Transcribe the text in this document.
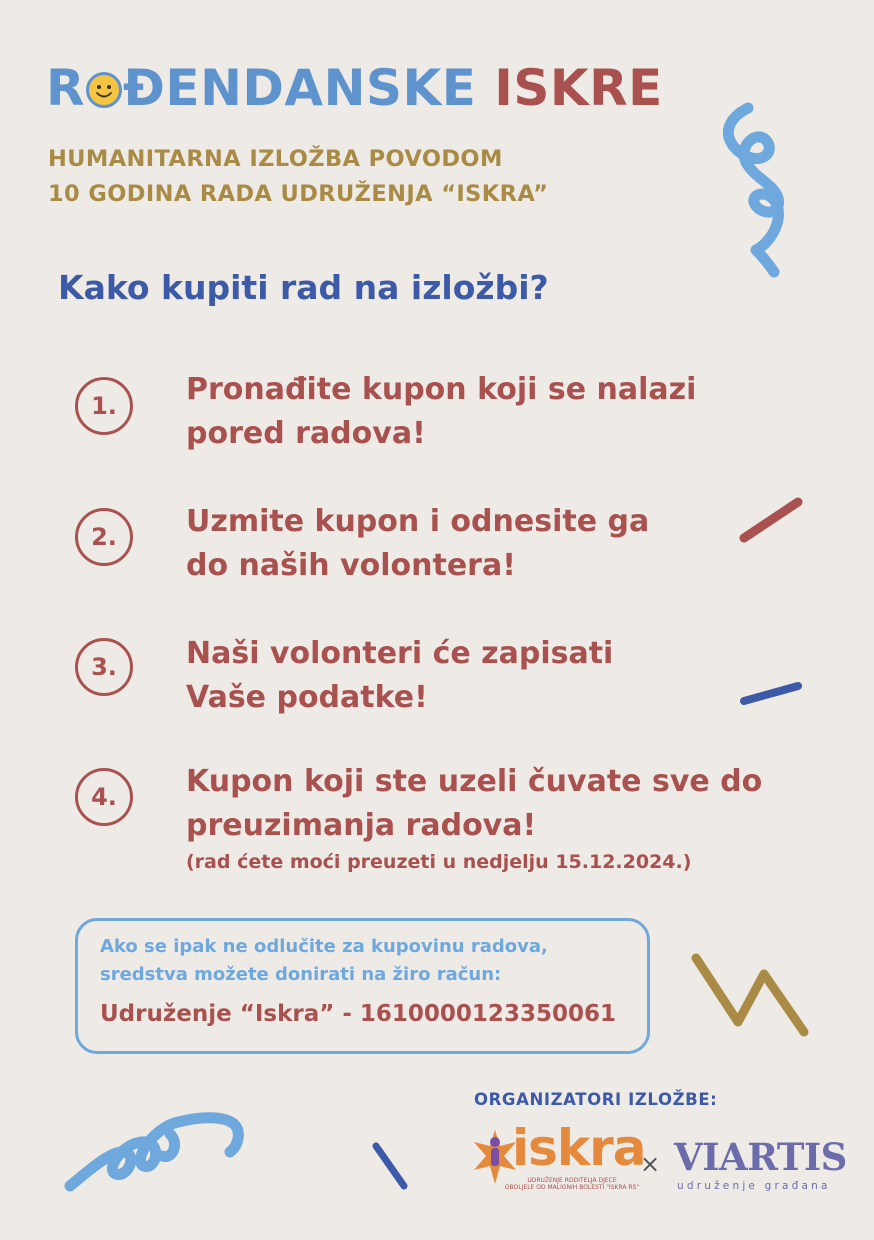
R ĐENDANSKE ISKRE
HUMANITARNA IZLOŽBA POVODOM
10 GODINA RADA UDRUŽENJA “ISKRA”
Kako kupiti rad na izložbi?
1. Pronađite kupon koji se nalazi
pored radova!
2. Uzmite kupon i odnesite ga
do naših volontera!
3. Naši volonteri će zapisati
Vaše podatke!
4. Kupon koji ste uzeli čuvate sve do
preuzimanja radova!
(rad ćete moći preuzeti u nedjelju 15.12.2024.)
Ako se ipak ne odlučite za kupovinu radova,
sredstva možete donirati na žiro račun:
Udruženje “Iskra” - 1610000123350061
ORGANIZATORI IZLOŽBE:
iskra
UDRUŽENJE RODITELJA DJECE
OBOLJELE OD MALIGNIH BOLESTI "ISKRA RS"
× VIARTIS
udruženje građana
